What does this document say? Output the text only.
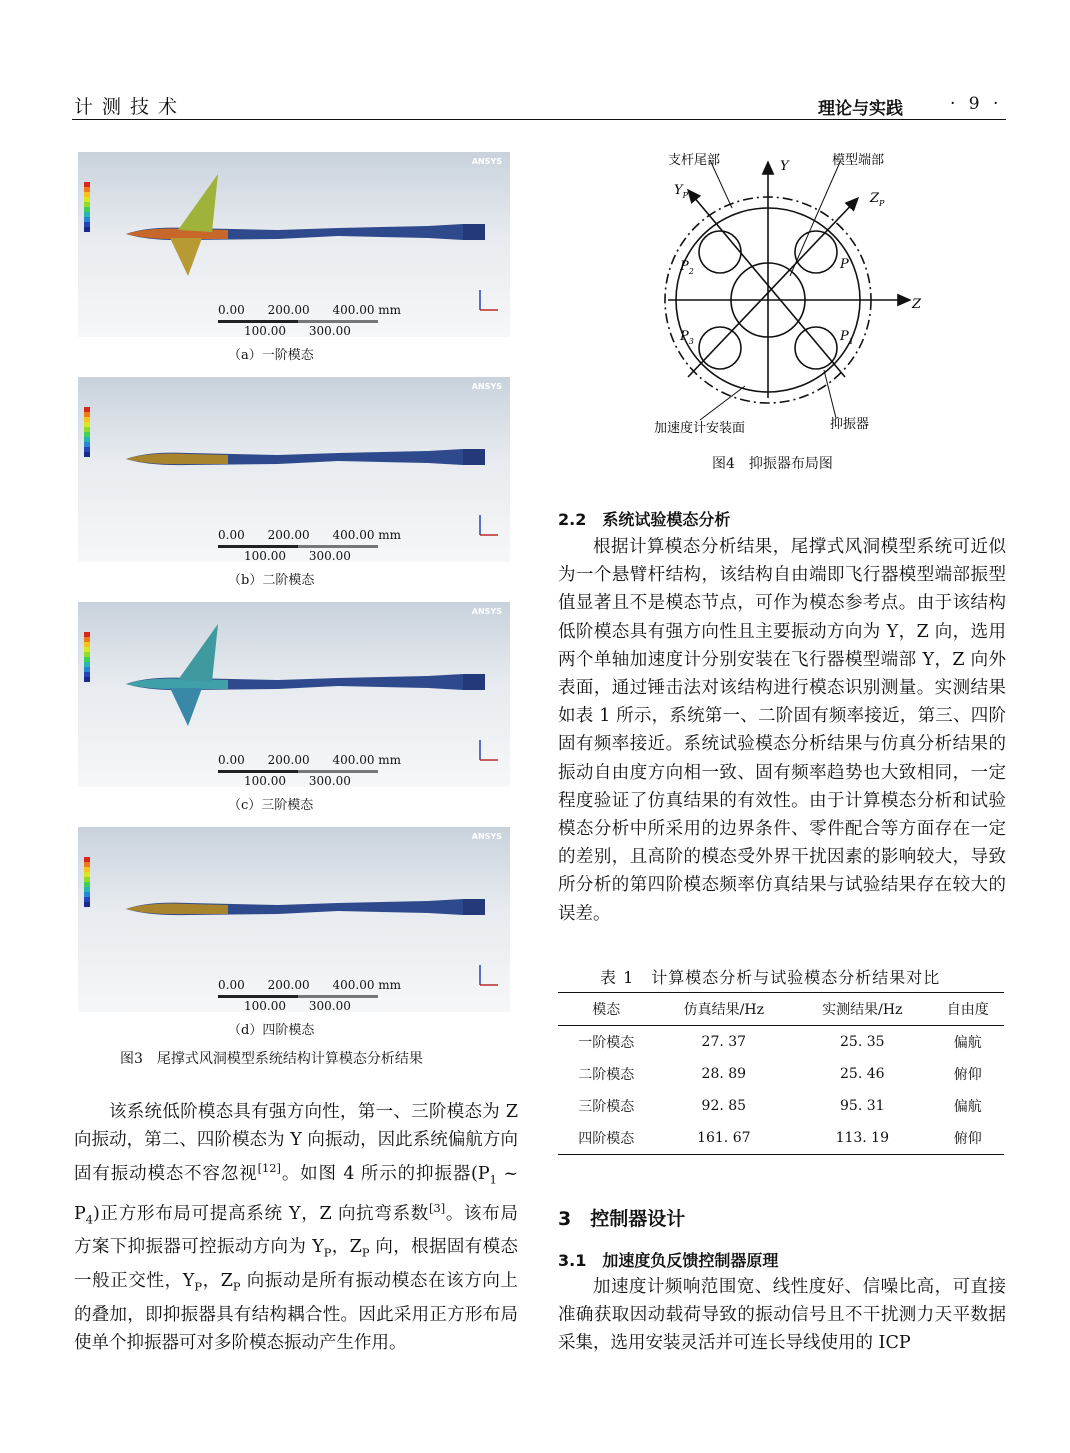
计测技术	理论与实践	· 9 ·
ANSYS
0.00      200.00      400.00 mm
100.00      300.00
（a）一阶模态
ANSYS
0.00      200.00      400.00 mm
100.00      300.00
（b）二阶模态
ANSYS
0.00      200.00      400.00 mm
100.00      300.00
（c）三阶模态
ANSYS
0.00      200.00      400.00 mm
100.00      300.00
（d）四阶模态
图3　尾撑式风洞模型系统结构计算模态分析结果
支杆尾部	模型端部
Y
Z
$Y_P$	$Z_P$
$P_2$	P
$P_3$	$P_1$
加速度计安装面	抑振器
图4　抑振器布局图
2.2　系统试验模态分析
根据计算模态分析结果，尾撑式风洞模型系统可近似为一个悬臂杆结构，该结构自由端即飞行器模型端部振型值显著且不是模态节点，可作为模态参考点。由于该结构低阶模态具有强方向性且主要振动方向为 Y，Z 向，选用两个单轴加速度计分别安装在飞行器模型端部 Y，Z 向外表面，通过锤击法对该结构进行模态识别测量。实测结果如表 1 所示，系统第一、二阶固有频率接近，第三、四阶固有频率接近。系统试验模态分析结果与仿真分析结果的振动自由度方向相一致、固有频率趋势也大致相同，一定程度验证了仿真结果的有效性。由于计算模态分析和试验模态分析中所采用的边界条件、零件配合等方面存在一定的差别，且高阶的模态受外界干扰因素的影响较大，导致所分析的第四阶模态频率仿真结果与试验结果存在较大的误差。
表 1　计算模态分析与试验模态分析结果对比
模态	仿真结果/Hz	实测结果/Hz	自由度
一阶模态	27. 37	25. 35	偏航
二阶模态	28. 89	25. 46	俯仰
三阶模态	92. 85	95. 31	偏航
四阶模态	161. 67	113. 19	俯仰
3　控制器设计
3.1　加速度负反馈控制器原理
加速度计频响范围宽、线性度好、信噪比高，可直接准确获取因动载荷导致的振动信号且不干扰测力天平数据采集，选用安装灵活并可连长导线使用的 ICP
该系统低阶模态具有强方向性，第一、三阶模态为 Z 向振动，第二、四阶模态为 Y 向振动，因此系统偏航方向固有振动模态不容忽视[12]。如图 4 所示的抑振器($P_1$ ~ $P_4$)正方形布局可提高系统 Y，Z 向抗弯系数[3]。该布局方案下抑振器可控振动方向为 $Y_P$，$Z_P$ 向，根据固有模态一般正交性，$Y_P$，$Z_P$ 向振动是所有振动模态在该方向上的叠加，即抑振器具有结构耦合性。因此采用正方形布局使单个抑振器可对多阶模态振动产生作用。
